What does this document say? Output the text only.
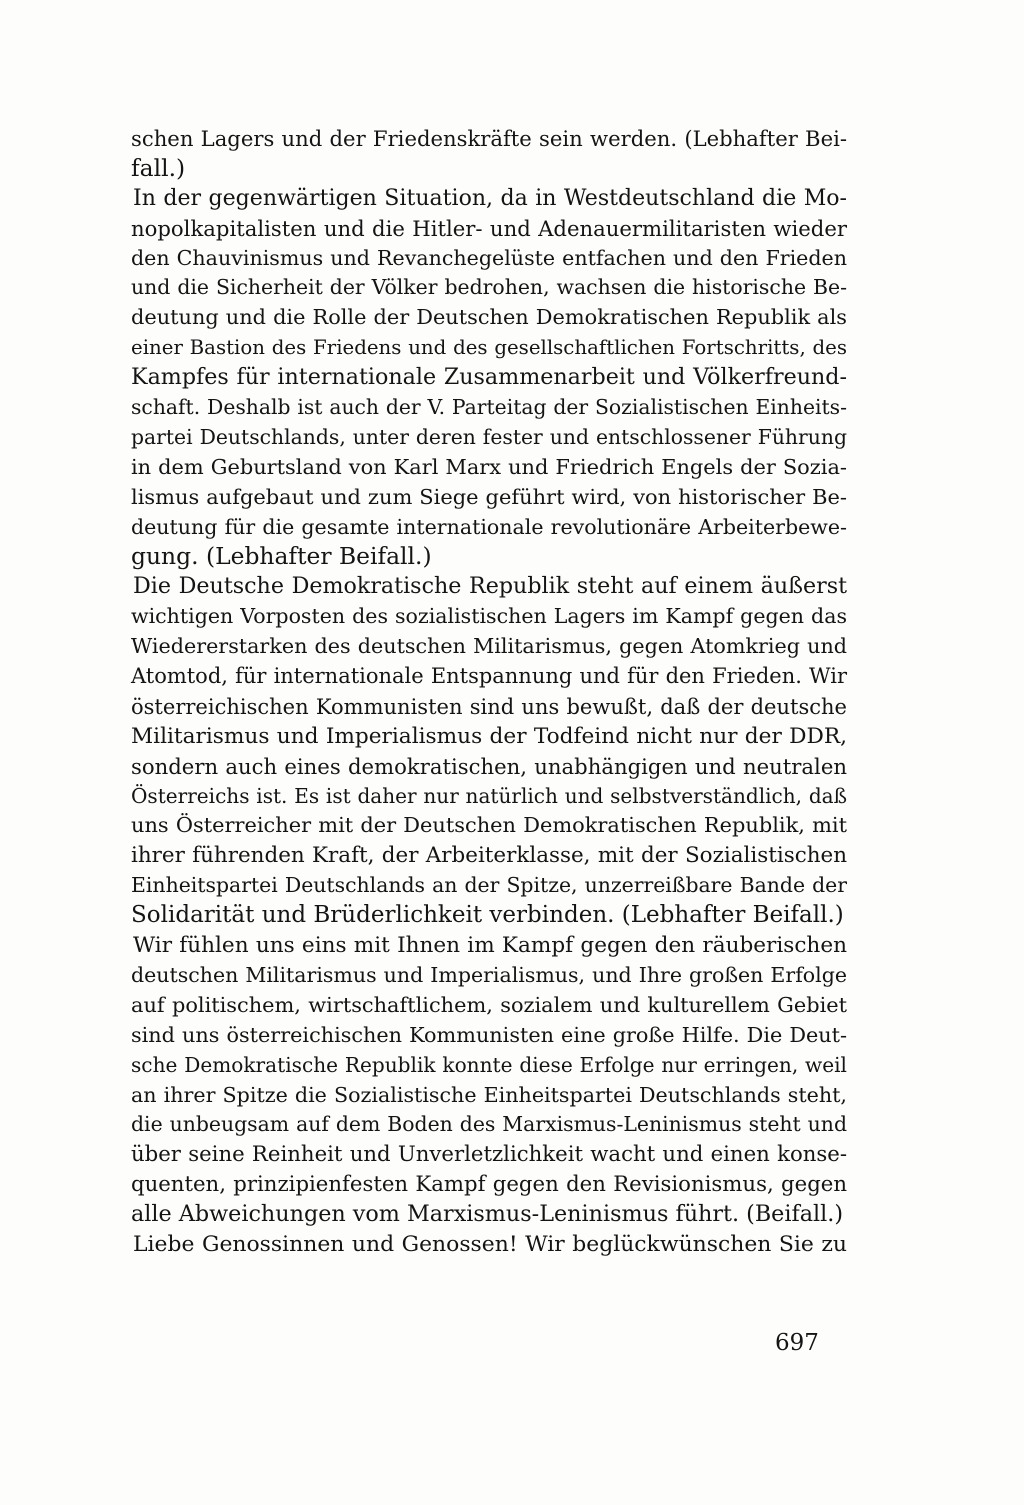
schen Lagers und der Friedenskräfte sein werden. (Lebhafter Bei-
fall.)
In der gegenwärtigen Situation, da in Westdeutschland die Mo-
nopolkapitalisten und die Hitler- und Adenauermilitaristen wieder
den Chauvinismus und Revanchegelüste entfachen und den Frieden
und die Sicherheit der Völker bedrohen, wachsen die historische Be-
deutung und die Rolle der Deutschen Demokratischen Republik als
einer Bastion des Friedens und des gesellschaftlichen Fortschritts, des
Kampfes für internationale Zusammenarbeit und Völkerfreund-
schaft. Deshalb ist auch der V. Parteitag der Sozialistischen Einheits-
partei Deutschlands, unter deren fester und entschlossener Führung
in dem Geburtsland von Karl Marx und Friedrich Engels der Sozia-
lismus aufgebaut und zum Siege geführt wird, von historischer Be-
deutung für die gesamte internationale revolutionäre Arbeiterbewe-
gung. (Lebhafter Beifall.)
Die Deutsche Demokratische Republik steht auf einem äußerst
wichtigen Vorposten des sozialistischen Lagers im Kampf gegen das
Wiedererstarken des deutschen Militarismus, gegen Atomkrieg und
Atomtod, für internationale Entspannung und für den Frieden. Wir
österreichischen Kommunisten sind uns bewußt, daß der deutsche
Militarismus und Imperialismus der Todfeind nicht nur der DDR,
sondern auch eines demokratischen, unabhängigen und neutralen
Österreichs ist. Es ist daher nur natürlich und selbstverständlich, daß
uns Österreicher mit der Deutschen Demokratischen Republik, mit
ihrer führenden Kraft, der Arbeiterklasse, mit der Sozialistischen
Einheitspartei Deutschlands an der Spitze, unzerreißbare Bande der
Solidarität und Brüderlichkeit verbinden. (Lebhafter Beifall.)
Wir fühlen uns eins mit Ihnen im Kampf gegen den räuberischen
deutschen Militarismus und Imperialismus, und Ihre großen Erfolge
auf politischem, wirtschaftlichem, sozialem und kulturellem Gebiet
sind uns österreichischen Kommunisten eine große Hilfe. Die Deut-
sche Demokratische Republik konnte diese Erfolge nur erringen, weil
an ihrer Spitze die Sozialistische Einheitspartei Deutschlands steht,
die unbeugsam auf dem Boden des Marxismus-Leninismus steht und
über seine Reinheit und Unverletzlichkeit wacht und einen konse-
quenten, prinzipienfesten Kampf gegen den Revisionismus, gegen
alle Abweichungen vom Marxismus-Leninismus führt. (Beifall.)
Liebe Genossinnen und Genossen! Wir beglückwünschen Sie zu
697
